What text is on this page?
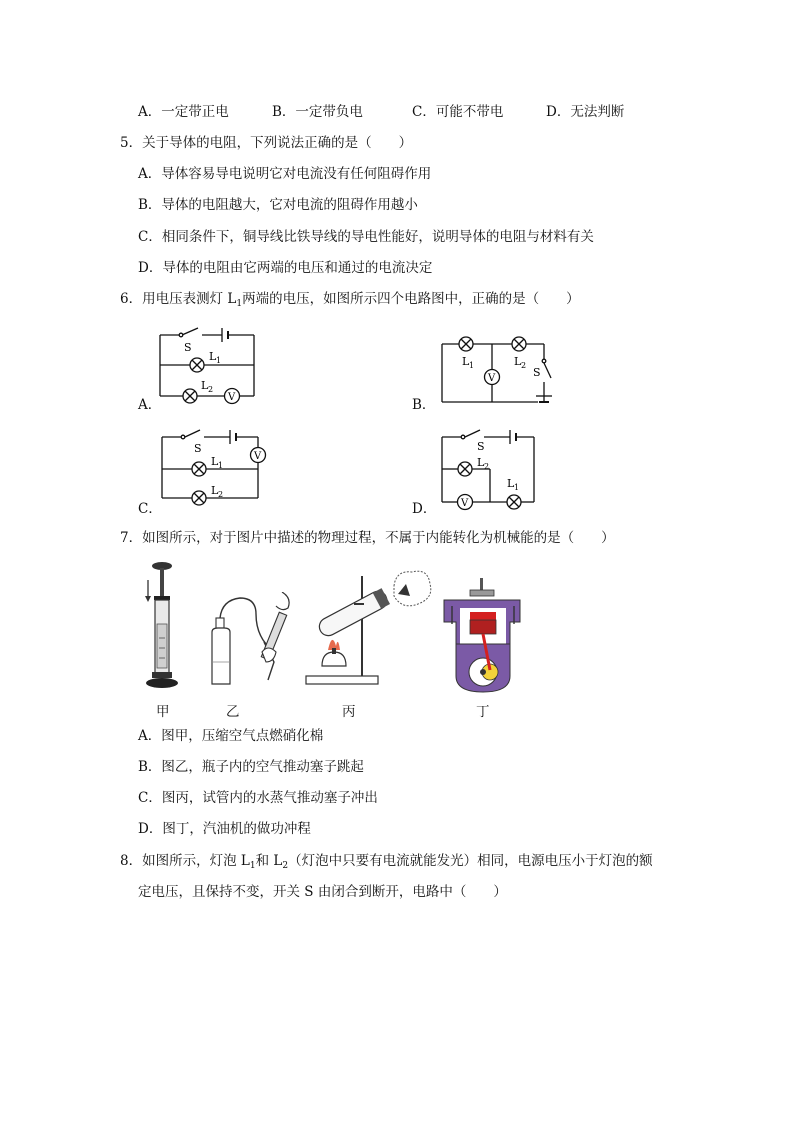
A．一定带正电	B．一定带负电	C．可能不带电	D．无法判断
5．关于导体的电阻，下列说法正确的是（　　）
A．导体容易导电说明它对电流没有任何阻碍作用
B．导体的电阻越大，它对电流的阻碍作用越小
C．相同条件下，铜导线比铁导线的导电性能好，说明导体的电阻与材料有关
D．导体的电阻由它两端的电压和通过的电流决定
6．用电压表测灯 $L_1$两端的电压，如图所示四个电路图中，正确的是（　　）
A．
S
L 1
L 2
V	B．
L 1	L 2
S
V
C．
S
L 1
L 2
V
D．
S
L 2
L 1
V
7．如图所示，对于图片中描述的物理过程，不属于内能转化为机械能的是（　　）
甲	乙	丙	丁
A．图甲，压缩空气点燃硝化棉
B．图乙，瓶子内的空气推动塞子跳起
C．图丙，试管内的水蒸气推动塞子冲出
D．图丁，汽油机的做功冲程
8．如图所示，灯泡 $L_1$和 $L_2$（灯泡中只要有电流就能发光）相同，电源电压小于灯泡的额
定电压，且保持不变，开关 S 由闭合到断开，电路中（　　）
